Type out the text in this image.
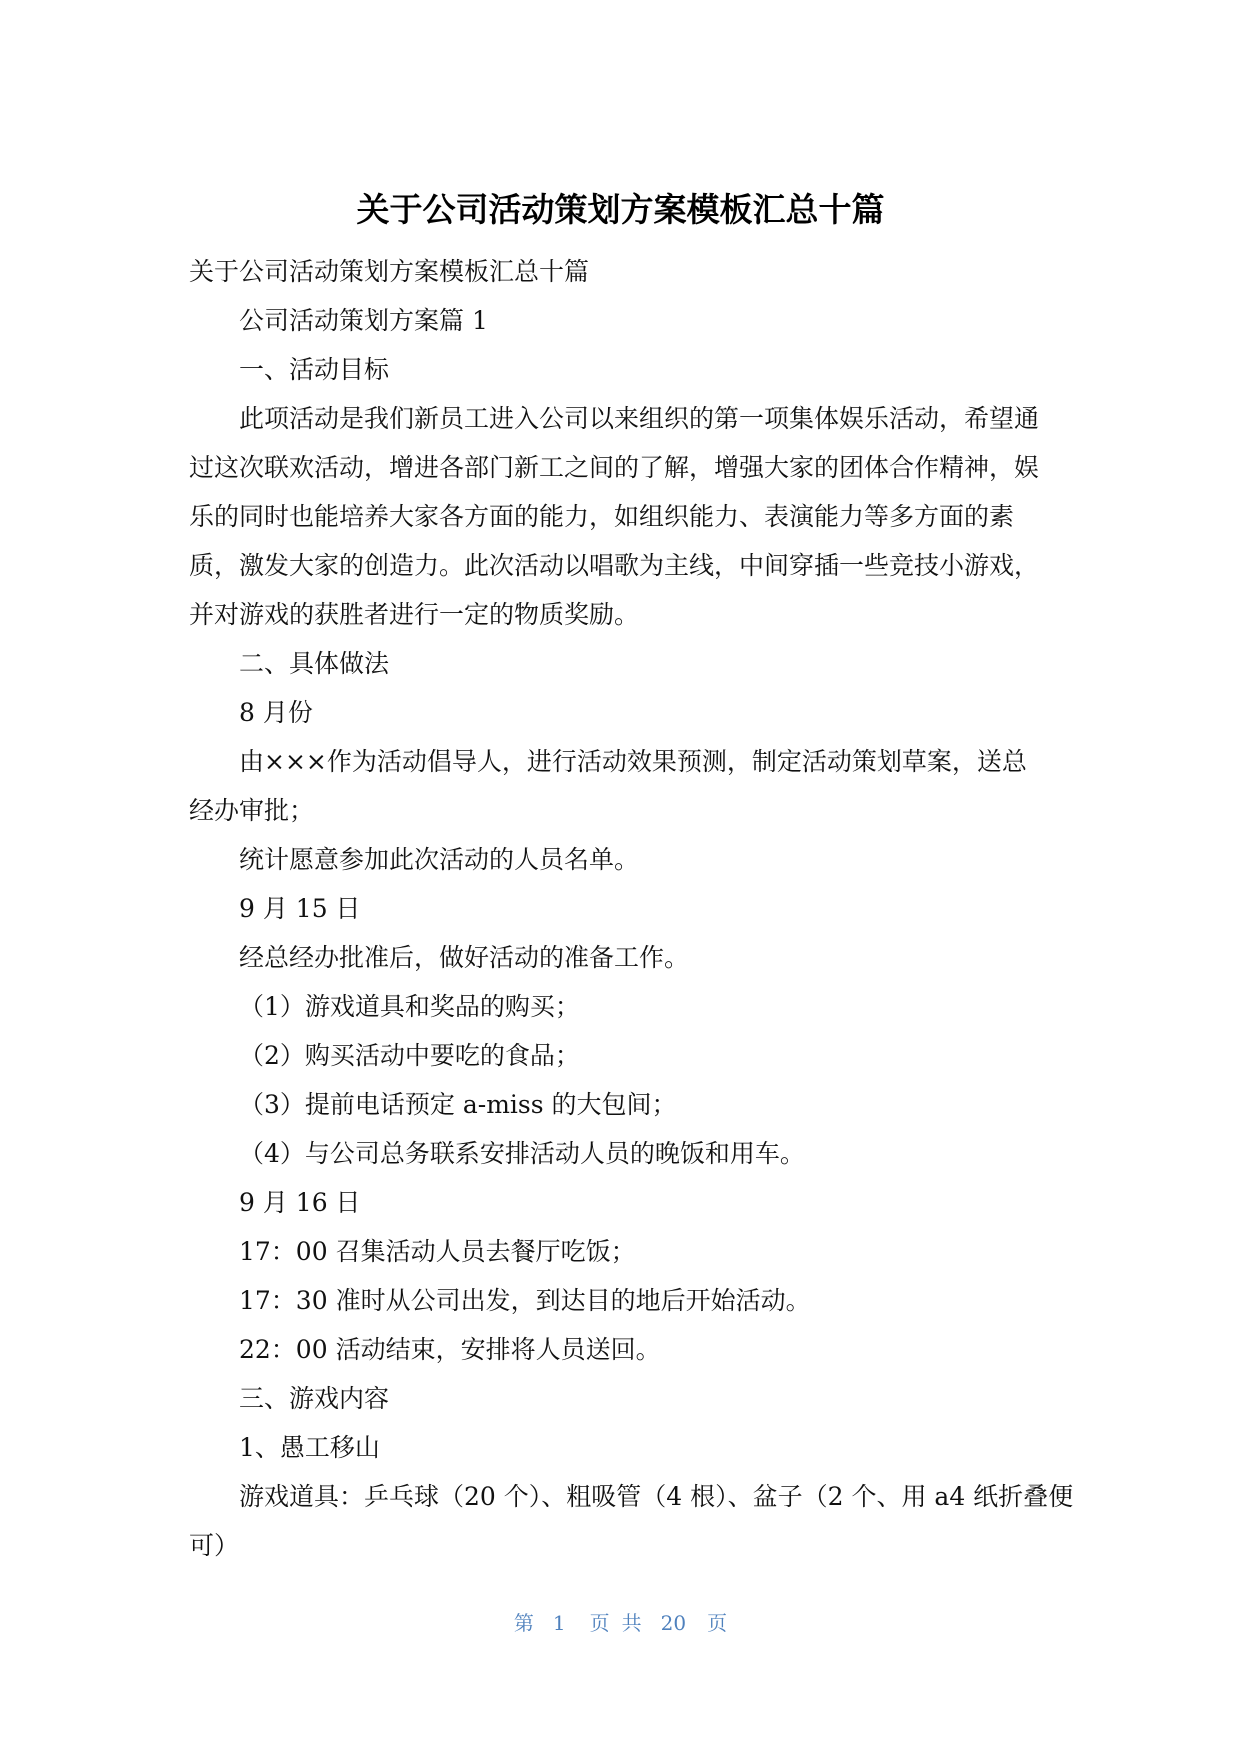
关于公司活动策划方案模板汇总十篇
关于公司活动策划方案模板汇总十篇
公司活动策划方案篇 1
一、活动目标
此项活动是我们新员工进入公司以来组织的第一项集体娱乐活动，希望通
过这次联欢活动，增进各部门新工之间的了解，增强大家的团体合作精神，娱
乐的同时也能培养大家各方面的能力，如组织能力、表演能力等多方面的素
质，激发大家的创造力。此次活动以唱歌为主线，中间穿插一些竞技小游戏，
并对游戏的获胜者进行一定的物质奖励。
二、具体做法
8 月份
由×××作为活动倡导人，进行活动效果预测，制定活动策划草案，送总
经办审批；
统计愿意参加此次活动的人员名单。
9 月 15 日
经总经办批准后，做好活动的准备工作。
（1）游戏道具和奖品的购买；
（2）购买活动中要吃的食品；
（3）提前电话预定 a-miss 的大包间；
（4）与公司总务联系安排活动人员的晚饭和用车。
9 月 16 日
17：00 召集活动人员去餐厅吃饭；
17：30 准时从公司出发，到达目的地后开始活动。
22：00 活动结束，安排将人员送回。
三、游戏内容
1、愚工移山
游戏道具：乒乓球（20 个）、粗吸管（4 根）、盆子（2 个、用 a4 纸折叠便
可）
第 1 页 共 20 页
